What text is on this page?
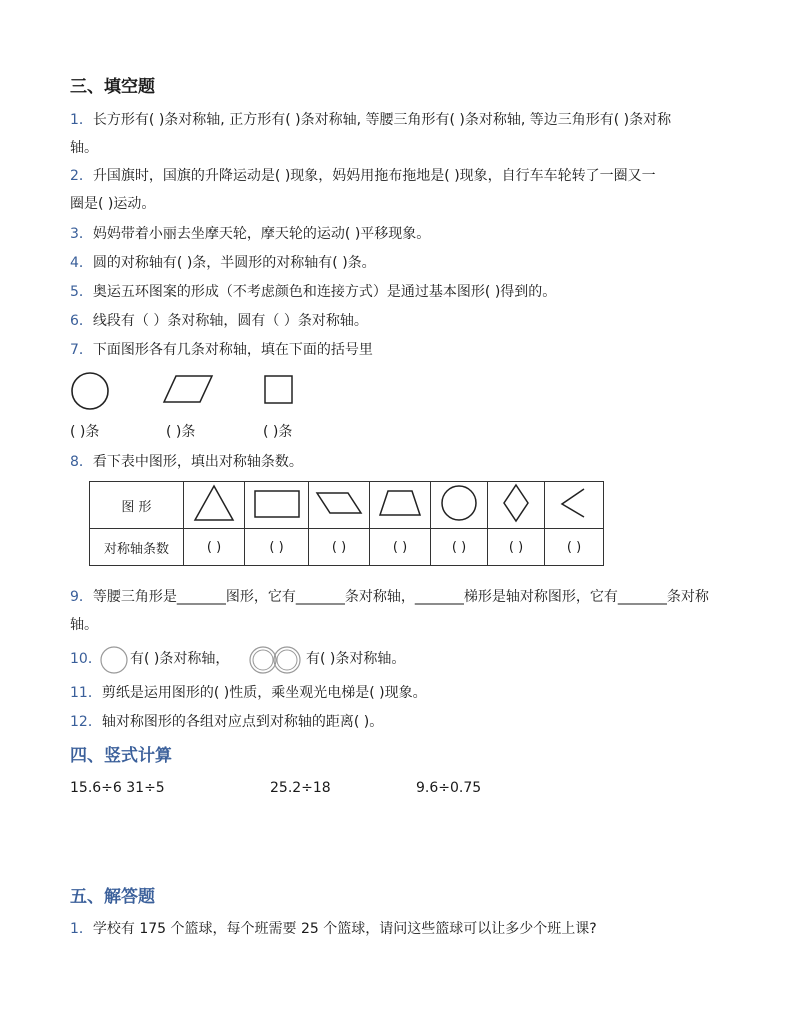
三、填空题
1．长方形有( )条对称轴, 正方形有( )条对称轴, 等腰三角形有( )条对称轴, 等边三角形有( )条对称
轴。
2．升国旗时，国旗的升降运动是( )现象，妈妈用拖布拖地是( )现象，自行车车轮转了一圈又一
圈是( )运动。
3．妈妈带着小丽去坐摩天轮，摩天轮的运动( )平移现象。
4．圆的对称轴有( )条，半圆形的对称轴有( )条。
5．奥运五环图案的形成（不考虑颜色和连接方式）是通过基本图形( )得到的。
6．线段有（ ）条对称轴，圆有（ ）条对称轴。
7．下面图形各有几条对称轴，填在下面的括号里
( )条	( )条	( )条
8．看下表中图形，填出对称轴条数。
图 形							
对称轴条数	( )	( )	( )	( )	( )	( )	( )
9．等腰三角形是_______图形，它有_______条对称轴，_______梯形是轴对称图形，它有_______条对称
轴。
10． 有( )条对称轴，	有( )条对称轴。
11．剪纸是运用图形的( )性质，乘坐观光电梯是( )现象。
12．轴对称图形的各组对应点到对称轴的距离( )。
四、竖式计算
15.6÷6 31÷5	25.2÷18	9.6÷0.75
五、解答题
1．学校有 175 个篮球，每个班需要 25 个篮球，请问这些篮球可以让多少个班上课?
